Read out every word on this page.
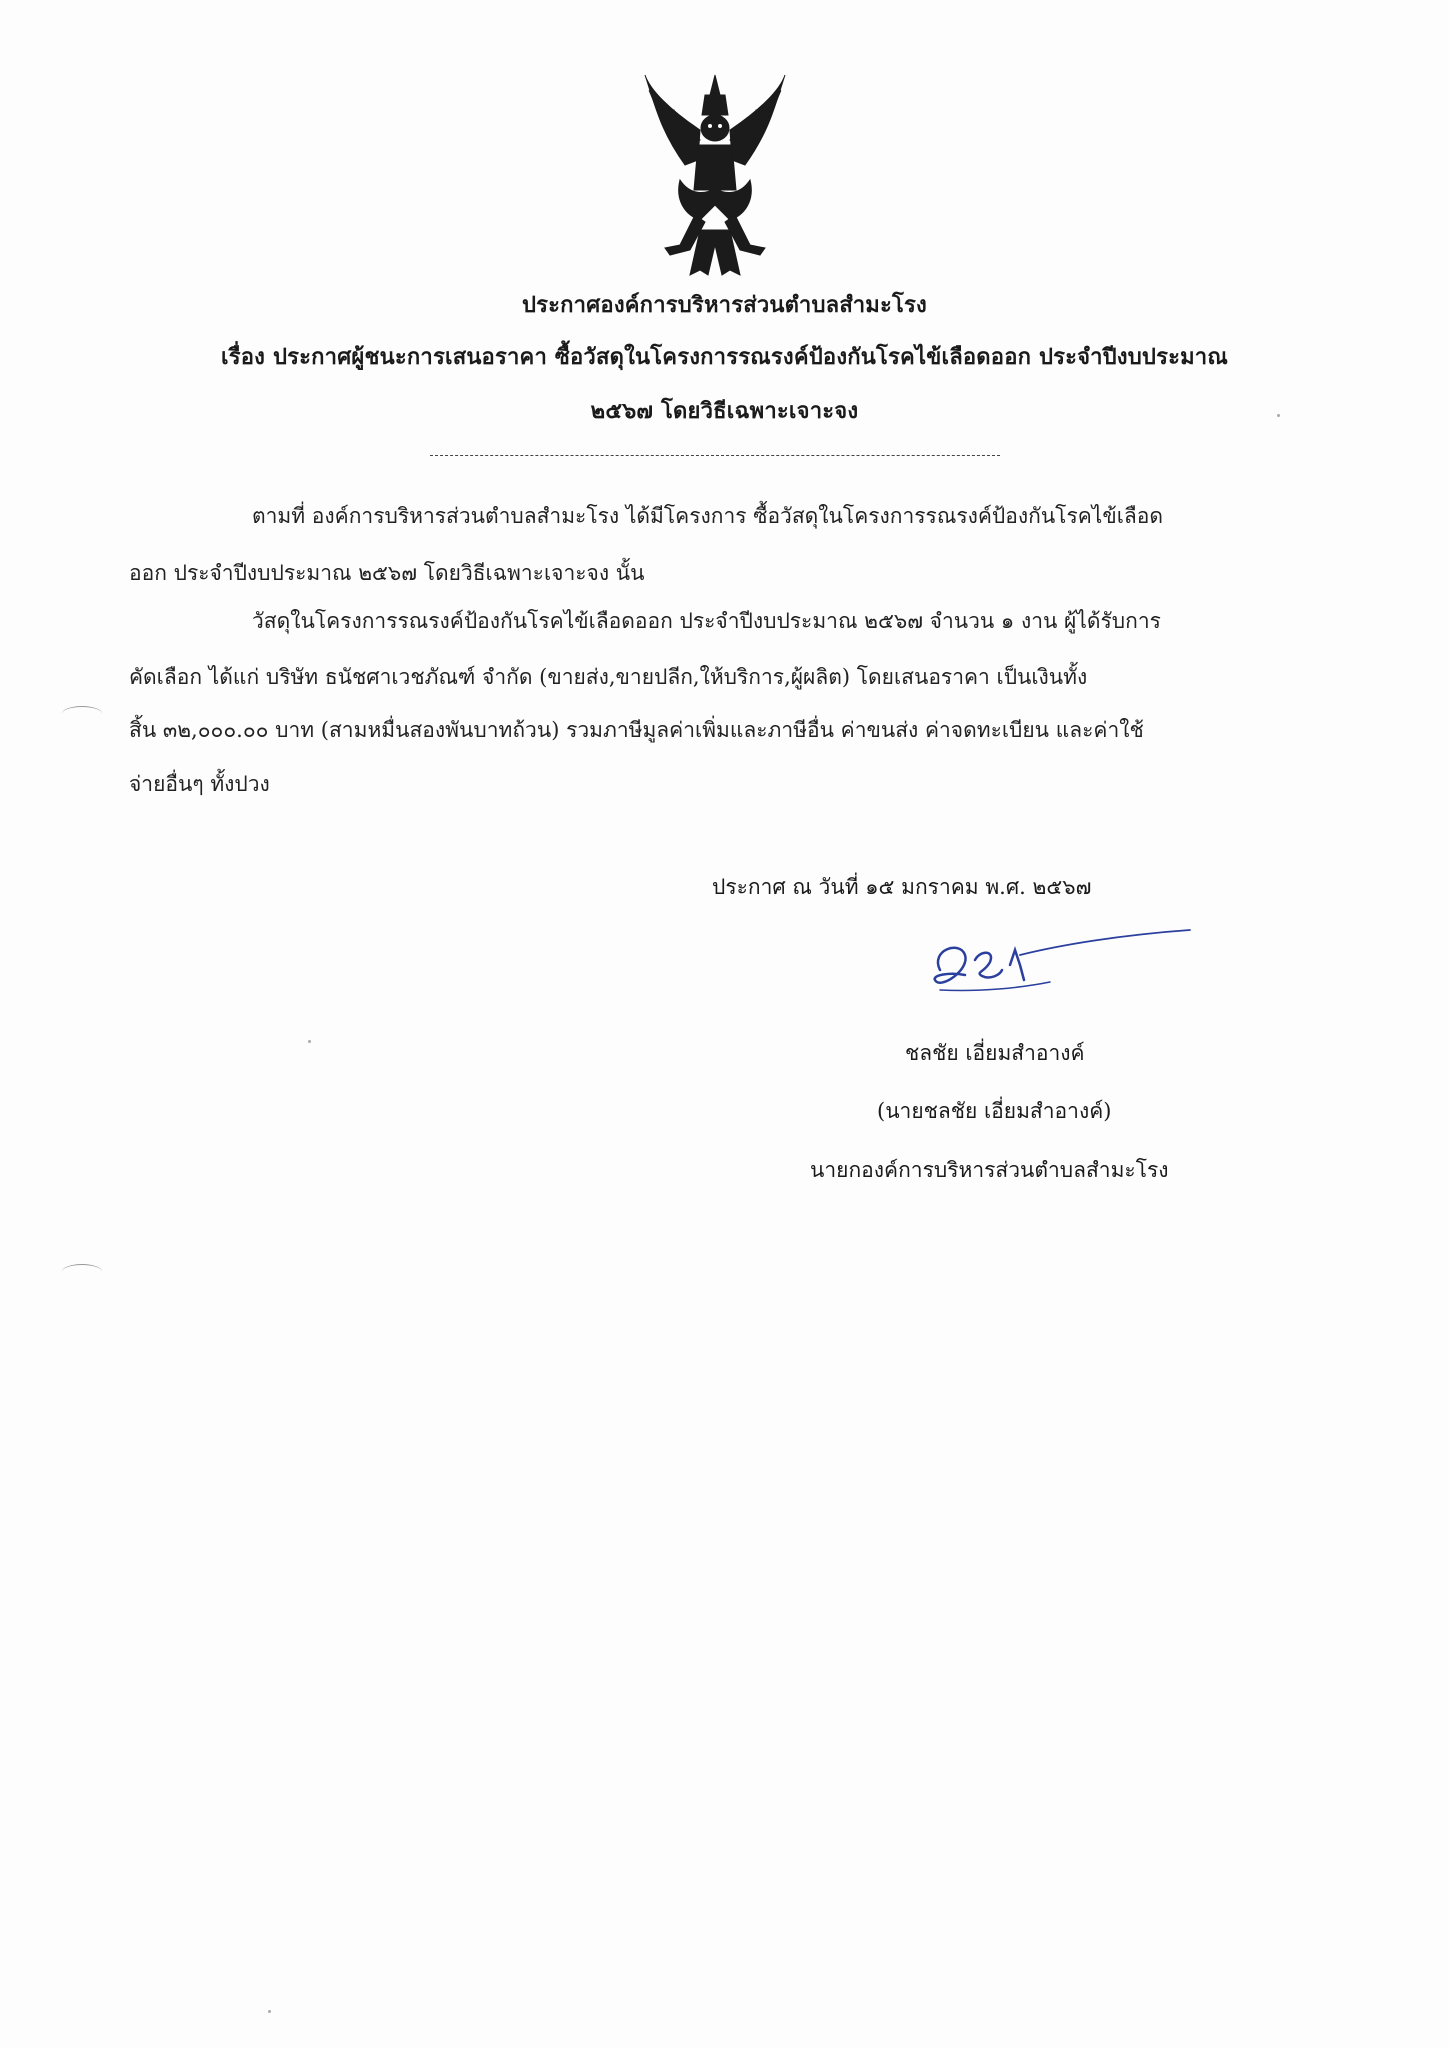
ประกาศองค์การบริหารส่วนตำบลสำมะโรง
เรื่อง ประกาศผู้ชนะการเสนอราคา ซื้อวัสดุในโครงการรณรงค์ป้องกันโรคไข้เลือดออก ประจำปีงบประมาณ
๒๕๖๗ โดยวิธีเฉพาะเจาะจง
ตามที่ องค์การบริหารส่วนตำบลสำมะโรง ได้มีโครงการ ซื้อวัสดุในโครงการรณรงค์ป้องกันโรคไข้เลือด
ออก ประจำปีงบประมาณ ๒๕๖๗ โดยวิธีเฉพาะเจาะจง นั้น
วัสดุในโครงการรณรงค์ป้องกันโรคไข้เลือดออก ประจำปีงบประมาณ ๒๕๖๗ จำนวน ๑ งาน ผู้ได้รับการ
คัดเลือก ได้แก่ บริษัท ธนัชศาเวชภัณฑ์ จำกัด (ขายส่ง,ขายปลีก,ให้บริการ,ผู้ผลิต) โดยเสนอราคา เป็นเงินทั้ง
สิ้น ๓๒,๐๐๐.๐๐ บาท (สามหมื่นสองพันบาทถ้วน) รวมภาษีมูลค่าเพิ่มและภาษีอื่น ค่าขนส่ง ค่าจดทะเบียน และค่าใช้
จ่ายอื่นๆ ทั้งปวง
ประกาศ ณ วันที่ ๑๕ มกราคม พ.ศ. ๒๕๖๗
ชลชัย เอี่ยมสำอางค์
(นายชลชัย เอี่ยมสำอางค์)
นายกองค์การบริหารส่วนตำบลสำมะโรง
